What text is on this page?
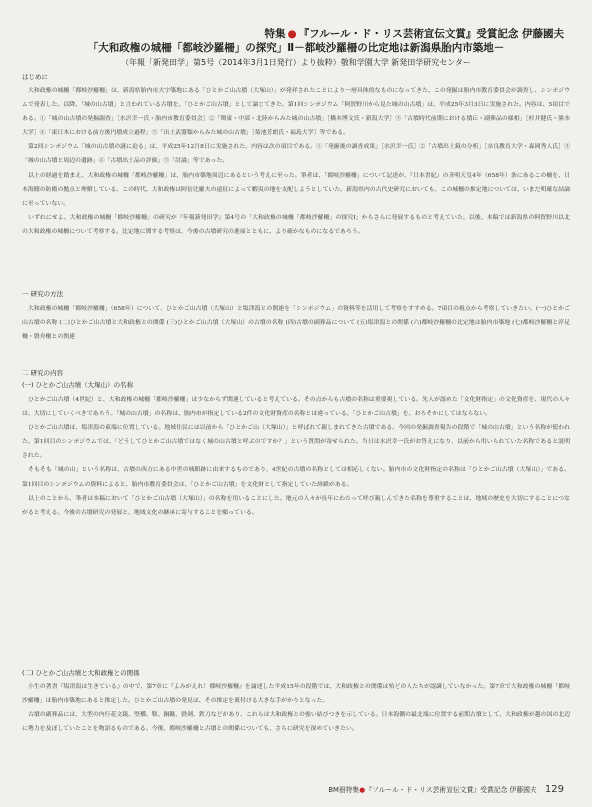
特集 ● 『フルール・ド・リス芸術宣伝文賞』受賞記念 伊藤國夫
「大和政権の城柵「都岐沙羅柵」の探究」Ⅱ－都岐沙羅柵の比定地は新潟県胎内市築地－
（年報「新発田学」第5号（2014年3月1日発行）より抜粋）敬和学園大学 新発田学研究センター
はじめに

大和政権の城柵「都岐沙羅柵」は、新潟県胎内市大字築地にある「ひとかご山古墳（大塚山）」が発祥されたことにより一層具体的なものになってきた。この発掘は胎内市教育委員会が調査し、シンポジウムで発表した。以降、「城の山古墳」と言われている古墳を、「ひとかご山古墳」として論じてきた。第1回シンポジウム「阿賀野川から見た城の山古墳」は、平成25年3月3日に実施された。内容は、5項目である。①「城の山古墳の発掘調査」［水沢幸一氏・胎内市教育委員会］②「関東・中部・北陸からみた城の山古墳」［橋本博文氏・新潟大学］③「古墳時代前期における墳丘・副葬品の様相」［杉井健氏・熊本大学］④「東日本における前方後円墳成立過程」⑤「出土武器類からみた城の山古墳」［菊池芳朗氏・福島大学］等である。

第2回シンポジウム「城の山古墳の謎に迫る」は、平成25年12月8日に実施された。内容は次の項目である。①「発掘後の調査成果」［水沢幸一氏］②「古墳出土鏡の分析」［奈良教育大学・森岡秀人氏］③「城の山古墳と周辺の遺跡」④「古墳出土品の評価」⑤「討論」等であった。

以上の経過を踏まえ、大和政権の城柵「都岐沙羅柵」は、胎内市築地周辺にあるという考えに至った。筆者は、「都岐沙羅柵」について記述が、『日本書紀』の斉明天皇4年（658年）条にあるこの柵を、日本海側の防衛の拠点と理解している。この時代、大和政権は阿倍比羅夫の遠征によって蝦夷の地を支配しようとしていた。新潟県内の古代史研究においても、この城柵の推定地については、いまだ明確な結論に至っていない。

いずれにせよ、大和政権の城柵「都岐沙羅柵」の研究が『年報新発田学』第4号の「大和政権の城柵「都岐沙羅柵」の探究Ⅰ」からさらに発展するものと考えていた。以後、本稿では新潟県の阿賀野川以北の大和政権の城柵について考察する。比定地に関する考察は、今後の古墳研究の進展とともに、より確かなものになるであろう。

一 研究の方法

大和政権の城柵「都岐沙羅柵」（658年）について、ひとかご山古墳（大塚山）と塩津潟との関連を「シンポジウム」の資料等を活用して考察をすすめる。7項目の視点から考察していきたい。(一)ひとかご山古墳の名称 (二)ひとかご山古墳と大和政権との関係 (三)ひとかご山古墳（大塚山）の古墳の名称 (四)古墳の副葬品について (五)塩津潟との関係 (六)都岐沙羅柵の比定地は胎内市築地 (七)都岐沙羅柵と渟足柵・磐舟柵との関連

二 研究の内容
(一) ひとかご山古墳（大塚山）の名称

ひとかご山古墳（4世紀）と、大和政権の城柵「都岐沙羅柵」は少なからず関連していると考えている。その点からも古墳の名称は重要視している。先人が認めた「文化財指定」の文化資産を、現代の人々は、大切にしていくべきであろう。「城の山古墳」の名称は、胎内市が指定している2件の文化財資産の名称とは違っている。「ひとかご山古墳」を、おろそかにしてはならない。

ひとかご山古墳は、塩津潟の東端に位置している。地域住民には以前から「ひとかご山（大塚山）」と呼ばれて親しまれてきた古墳である。今回の発掘調査報告の段階で「城の山古墳」という名称が使われた。第1回目のシンポジウムでは、「どうしてひとかご山古墳ではなく城の山古墳と呼ぶのですか？」という質問が寄せられた。当日は水沢幸一氏がお答えになり、以前から用いられていた名称であると説明された。

そもそも「城の山」という名称は、古墳の西方にある中世の城館跡に由来するものであり、4世紀の古墳の名称としては相応しくない。胎内市の文化財指定の名称は「ひとかご山古墳（大塚山）」である。第1回目のシンポジウムの資料によると、胎内市教育委員会は、「ひとかご山古墳」を文化財として指定していた経緯がある。

以上のことから、筆者は本稿において「ひとかご山古墳（大塚山）」の名称を用いることにした。地元の人々が長年にわたって呼び親しんできた名称を尊重することは、地域の歴史を大切にすることにつながると考える。今後の古墳研究の発展と、地域文化の継承に寄与することを願っている。

(二) ひとかご山古墳と大和政権との関係

小生の著書『塩津潟は生きている』の中で、第7章に『よみがえれ！都岐沙羅柵』を論述した平成15年の段階では、大和政権との関係は殆どの人たちが認識していなかった。第7章で大和政権の城柵「都岐沙羅柵」は胎内市築地にあると推定した。ひとかご山古墳の発見は、その推定を裏付ける大きな手がかりとなった。

古墳の副葬品には、大型の内行花文鏡、竪櫛、靫、銅鏃、鉄剣、鉄刀などがあり、これらは大和政権との強い結びつきを示している。日本海側の最北端に位置する前期古墳として、大和政権が越の国の北辺に勢力を及ぼしていたことを物語るものである。今後、都岐沙羅柵と古墳との関係についても、さらに研究を深めていきたい。

BM冊特集●『フルール・ド・リス芸術宣伝文賞』受賞記念 伊藤國夫 129
